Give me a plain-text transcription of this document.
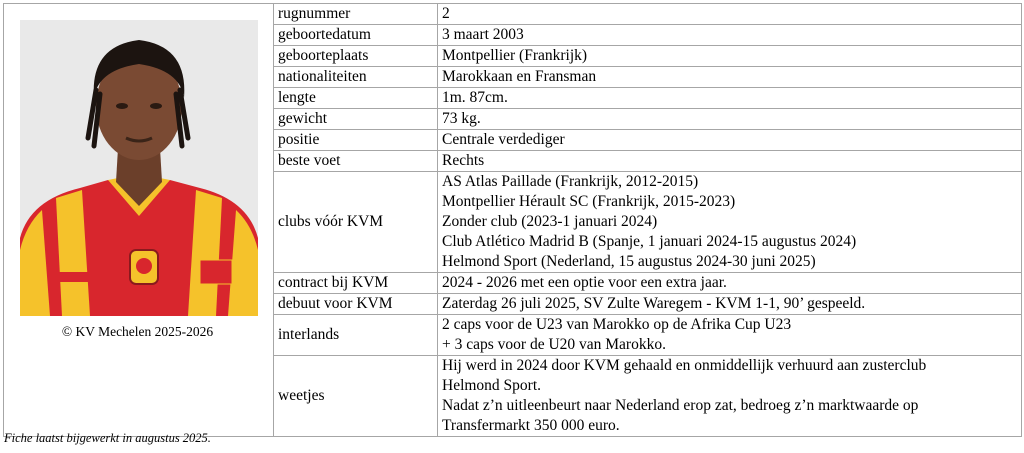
© KV Mechelen 2025-2026	rugnummer	2
	geboortedatum	3 maart 2003
	geboorteplaats	Montpellier (Frankrijk)
	nationaliteiten	Marokkaan en Fransman
	lengte	1m. 87cm.
	gewicht	73 kg.
	positie	Centrale verdediger
	beste voet	Rechts
	clubs vóór KVM	AS Atlas Paillade (Frankrijk, 2012-2015)
Montpellier Hérault SC (Frankrijk, 2015-2023)
Zonder club (2023-1 januari 2024)
Club Atlético Madrid B (Spanje, 1 januari 2024-15 augustus 2024)
Helmond Sport (Nederland, 15 augustus 2024-30 juni 2025)

	contract bij KVM	2024 - 2026 met een optie voor een extra jaar.
	debuut voor KVM	Zaterdag 26 juli 2025, SV Zulte Waregem - KVM 1-1, 90’ gespeeld.
	interlands	2 caps voor de U23 van Marokko op de Afrika Cup U23
+ 3 caps voor de U20 van Marokko.

	weetjes	Hij werd in 2024 door KVM gehaald en onmiddellijk verhuurd aan zusterclub
Helmond Sport.
Nadat z’n uitleenbeurt naar Nederland erop zat, bedroeg z’n marktwaarde op
Transfermarkt 350 000 euro.
Fiche laatst bijgewerkt in augustus 2025.
